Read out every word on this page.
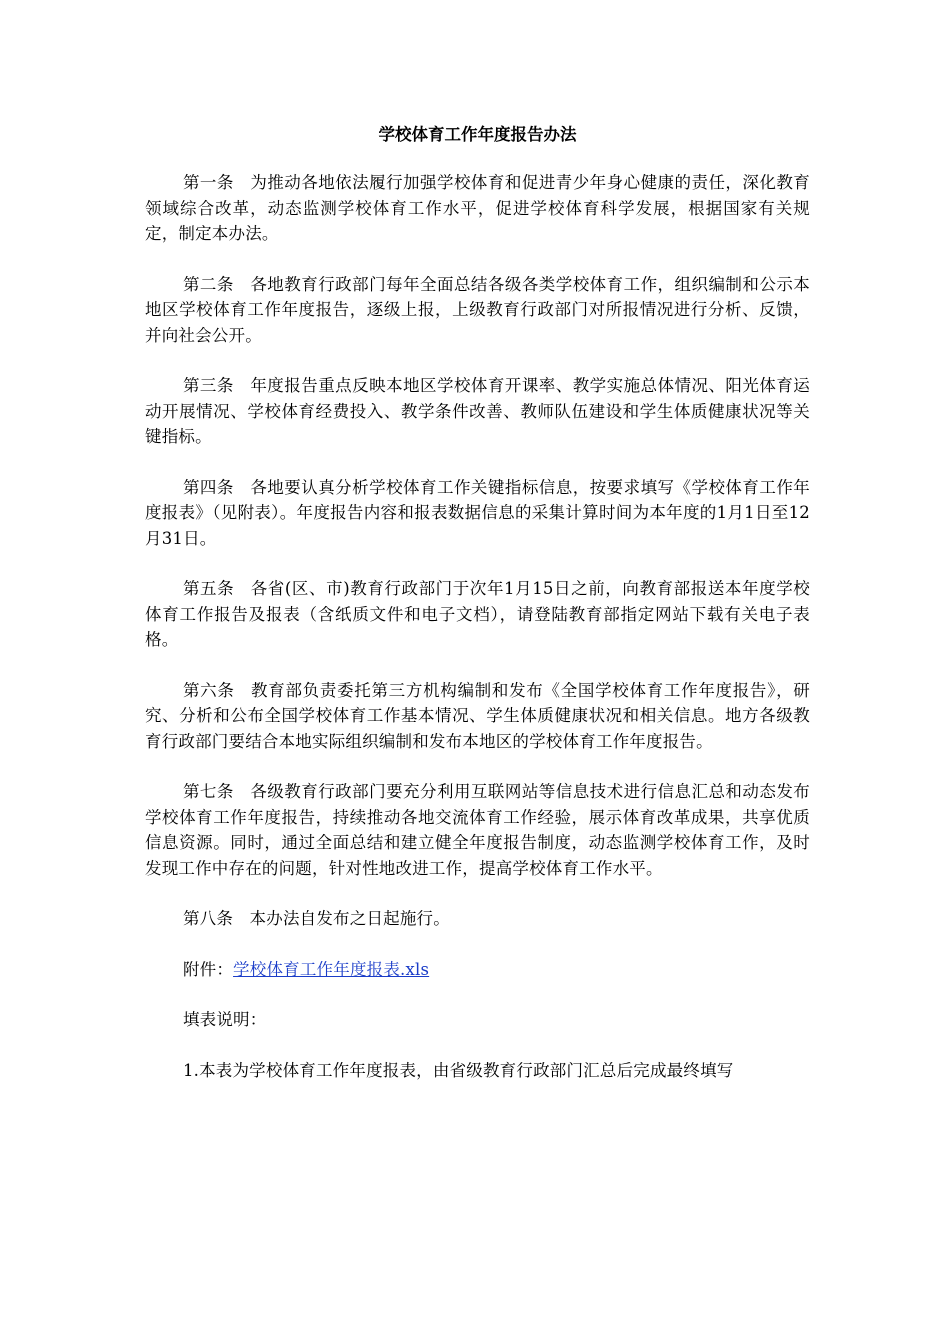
学校体育工作年度报告办法

第一条 为推动各地依法履行加强学校体育和促进青少年身心健康的责任，深化教育领域综合改革，动态监测学校体育工作水平，促进学校体育科学发展，根据国家有关规定，制定本办法。

第二条 各地教育行政部门每年全面总结各级各类学校体育工作，组织编制和公示本地区学校体育工作年度报告，逐级上报，上级教育行政部门对所报情况进行分析、反馈，并向社会公开。

第三条 年度报告重点反映本地区学校体育开课率、教学实施总体情况、阳光体育运动开展情况、学校体育经费投入、教学条件改善、教师队伍建设和学生体质健康状况等关键指标。

第四条 各地要认真分析学校体育工作关键指标信息，按要求填写《学校体育工作年度报表》（见附表）。年度报告内容和报表数据信息的采集计算时间为本年度的1月1日至12月31日。

第五条 各省(区、市)教育行政部门于次年1月15日之前，向教育部报送本年度学校体育工作报告及报表（含纸质文件和电子文档），请登陆教育部指定网站下载有关电子表格。

第六条 教育部负责委托第三方机构编制和发布《全国学校体育工作年度报告》，研究、分析和公布全国学校体育工作基本情况、学生体质健康状况和相关信息。地方各级教育行政部门要结合本地实际组织编制和发布本地区的学校体育工作年度报告。

第七条 各级教育行政部门要充分利用互联网站等信息技术进行信息汇总和动态发布学校体育工作年度报告，持续推动各地交流体育工作经验，展示体育改革成果，共享优质信息资源。同时，通过全面总结和建立健全年度报告制度，动态监测学校体育工作，及时发现工作中存在的问题，针对性地改进工作，提高学校体育工作水平。

第八条 本办法自发布之日起施行。

附件：学校体育工作年度报表.xls

填表说明：

1.本表为学校体育工作年度报表，由省级教育行政部门汇总后完成最终填写
